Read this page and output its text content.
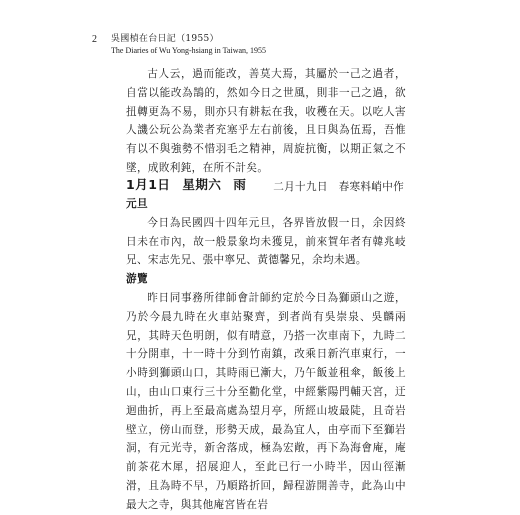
2 吳國楨在台日記（1955）
The Diaries of Wu Yong-hsiang in Taiwan, 1955

古人云，過而能改，善莫大焉，其屬於一己之過者，自當以能改為鵠的，然如今日之世風，則非一己之過，欲扭轉更為不易，則亦只有耕耘在我，收穫在天。以吃人害人譏公玩公為業者充塞乎左右前後，且日與為伍焉，吾惟有以不與強勢不惜羽毛之精神，周旋抗衡，以期正氣之不墜，成敗利鈍，在所不計矣。

二月十九日　春寒料峭中作

1月1日 星期六 雨
元旦

今日為民國四十四年元旦，各界皆放假一日，余因終日未在市內，故一般景象均未獲見，前來賀年者有韓兆岐兄、宋志先兄、張中寧兄、黃德馨兄，余均未遇。

游覽

昨日同事務所律師會計師約定於今日為獅頭山之遊，乃於今晨九時在火車站聚齊，到者尚有吳崇泉、吳麟兩兄，其時天色明朗，似有晴意，乃搭一次車南下，九時二十分開車，十一時十分到竹南鎮，改乘日新汽車東行，一小時到獅頭山口，其時雨已漸大，乃午飯並租傘，飯後上山，由山口東行三十分至勸化堂，中經紫陽門輔天宮，迂迴曲折，再上至最高處為望月亭，所經山坡最陡，且奇岩壁立，傍山而登，形勢天成，最為宜人，由亭而下至獅岩洞，有元光寺，新舍落成，極為宏敞，再下為海會庵，庵前茶花木犀，招展迎人，至此已行一小時半，因山徑漸滑，且為時不早，乃順路折回，歸程游開善寺，此為山中最大之寺，與其他庵宮皆在岩
